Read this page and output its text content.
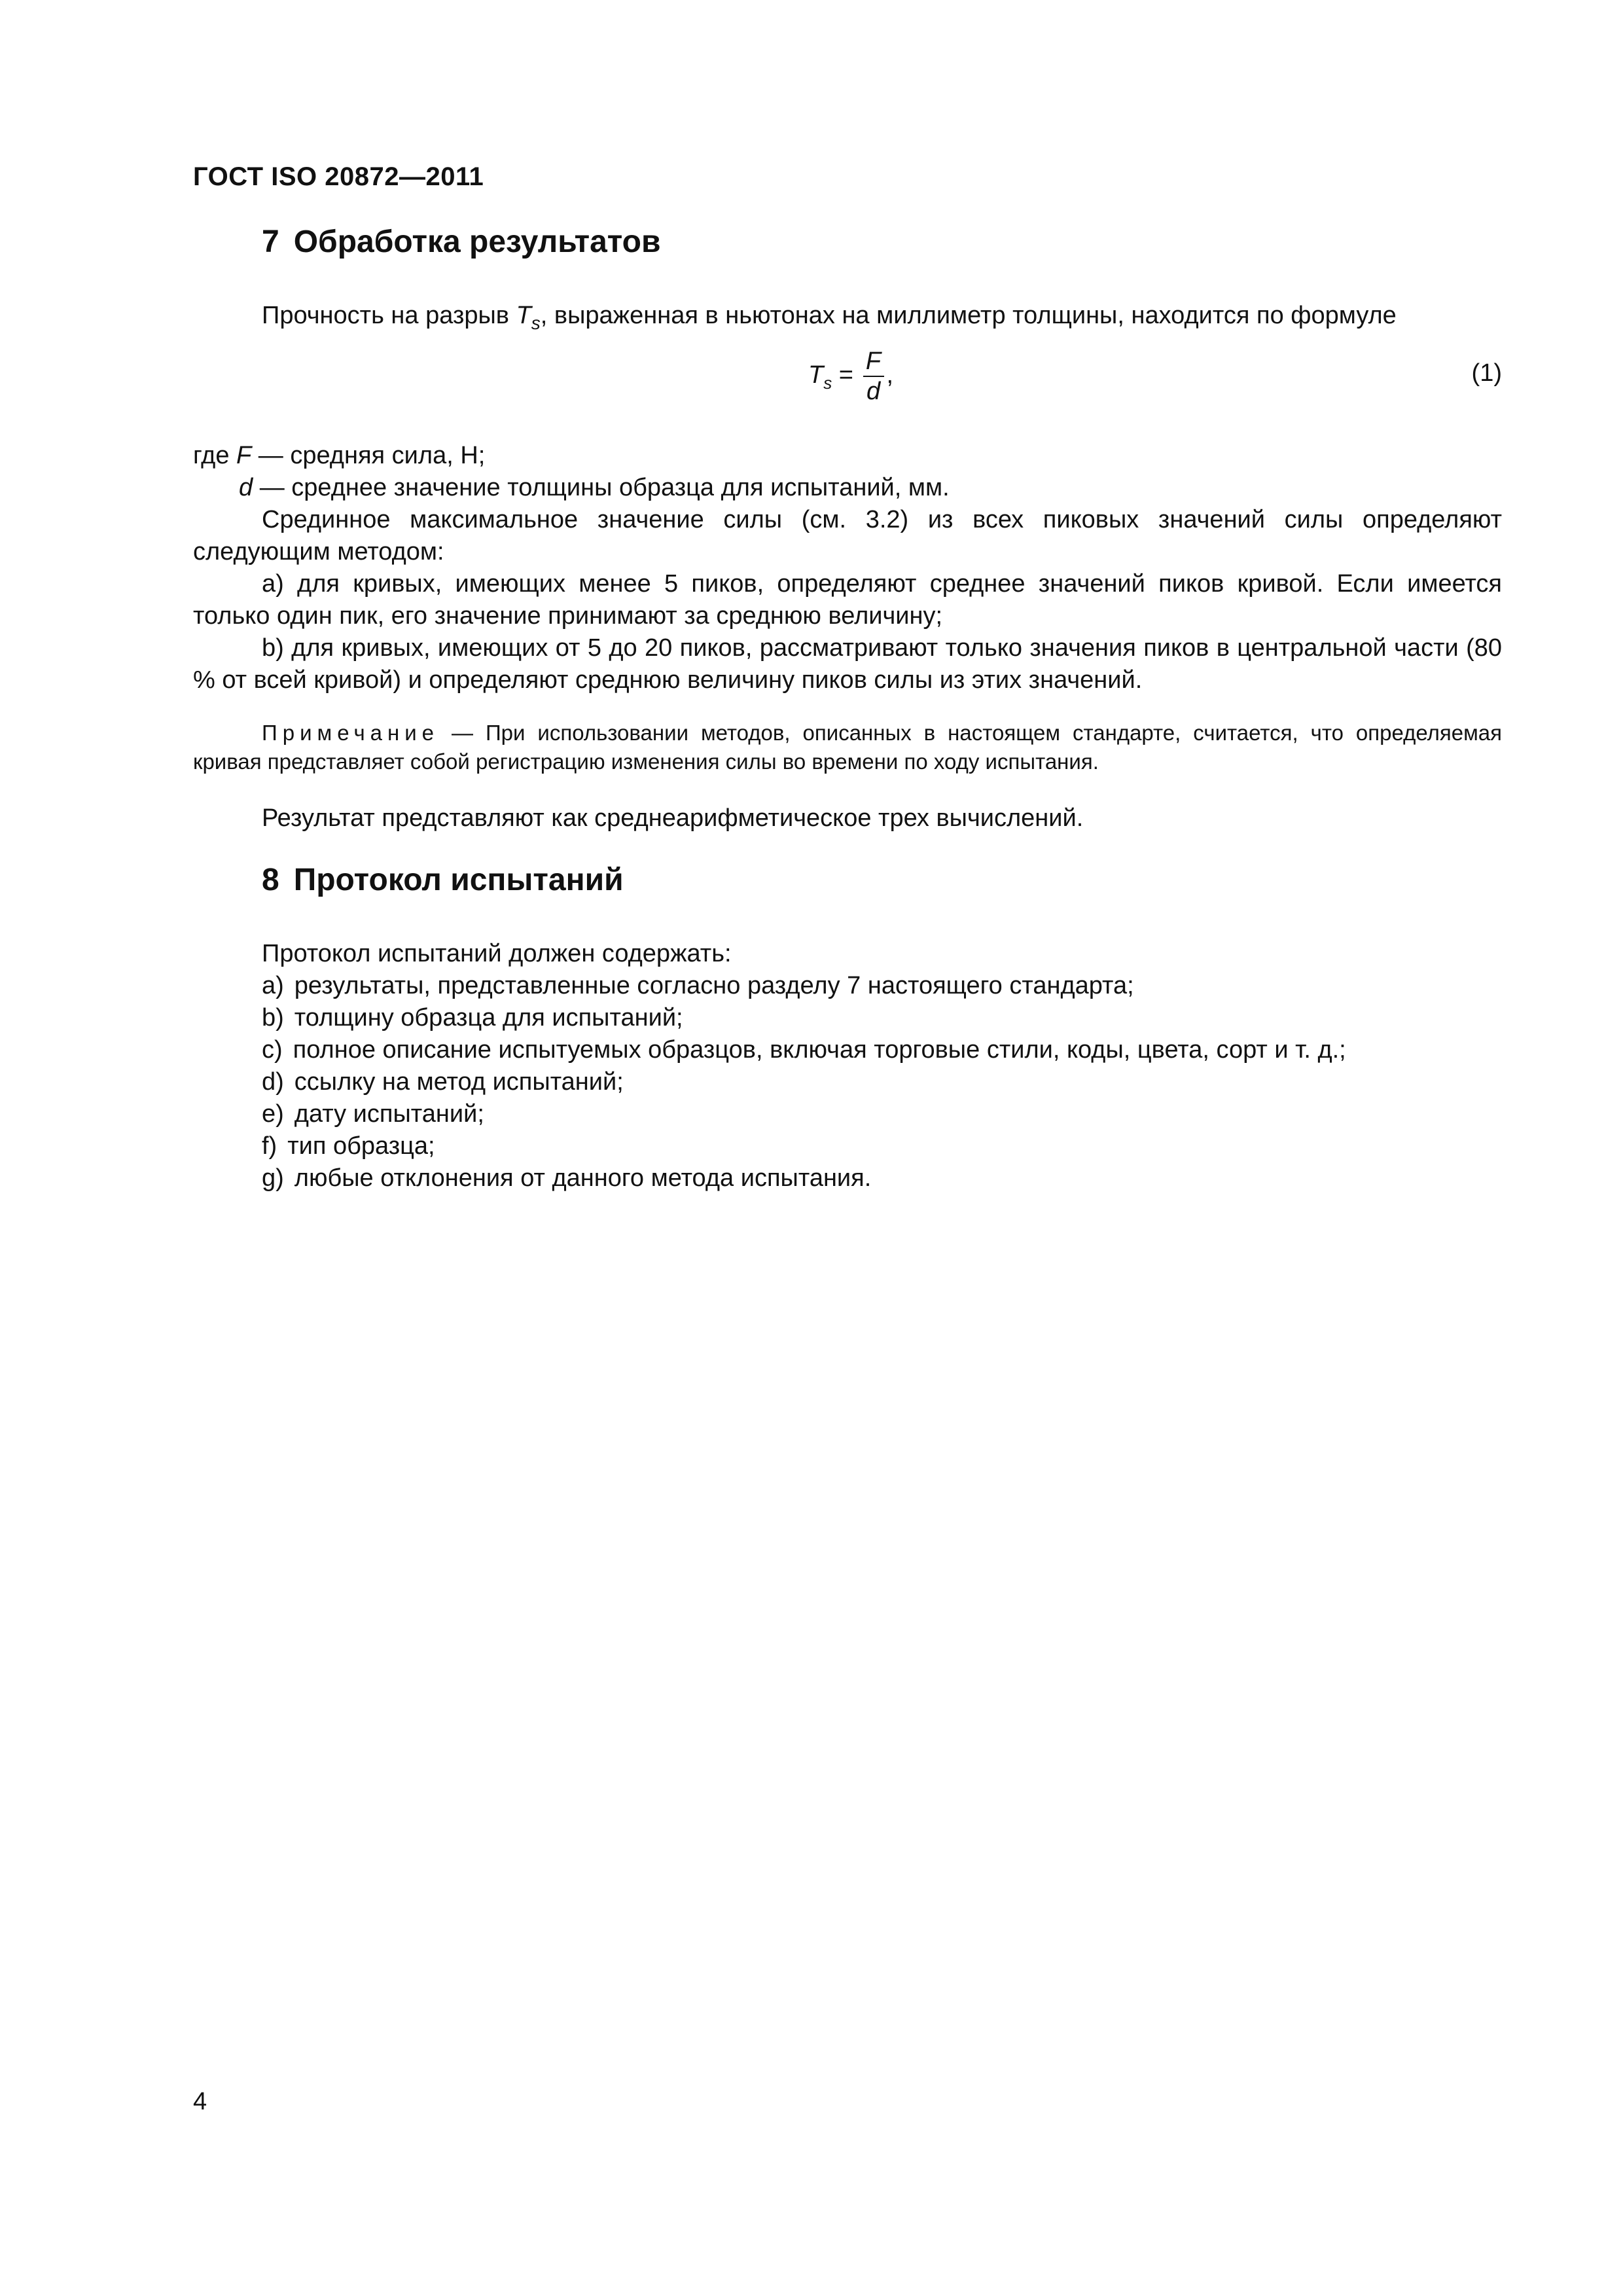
ГОСТ ISO 20872—2011
7 Обработка результатов

Прочность на разрыв $T_s$, выраженная в ньютонах на миллиметр толщины, находится по формуле

$T_s = \frac{F}{d}$ ,	(1)

где F — средняя сила, Н;

d — среднее значение толщины образца для испытаний, мм.

Срединное максимальное значение силы (см. 3.2) из всех пиковых значений силы определяют следующим методом:

a) для кривых, имеющих менее 5 пиков, определяют среднее значений пиков кривой. Если имеется только один пик, его значение принимают за среднюю величину;

b) для кривых, имеющих от 5 до 20 пиков, рассматривают только значения пиков в центральной части (80 % от всей кривой) и определяют среднюю величину пиков силы из этих значений.

Примечание — При использовании методов, описанных в настоящем стандарте, считается, что определяемая кривая представляет собой регистрацию изменения силы во времени по ходу испытания.

Результат представляют как среднеарифметическое трех вычислений.

8 Протокол испытаний

Протокол испытаний должен содержать:

a) результаты, представленные согласно разделу 7 настоящего стандарта;

b) толщину образца для испытаний;

c) полное описание испытуемых образцов, включая торговые стили, коды, цвета, сорт и т. д.;

d) ссылку на метод испытаний;

e) дату испытаний;

f) тип образца;

g) любые отклонения от данного метода испытания.

4
